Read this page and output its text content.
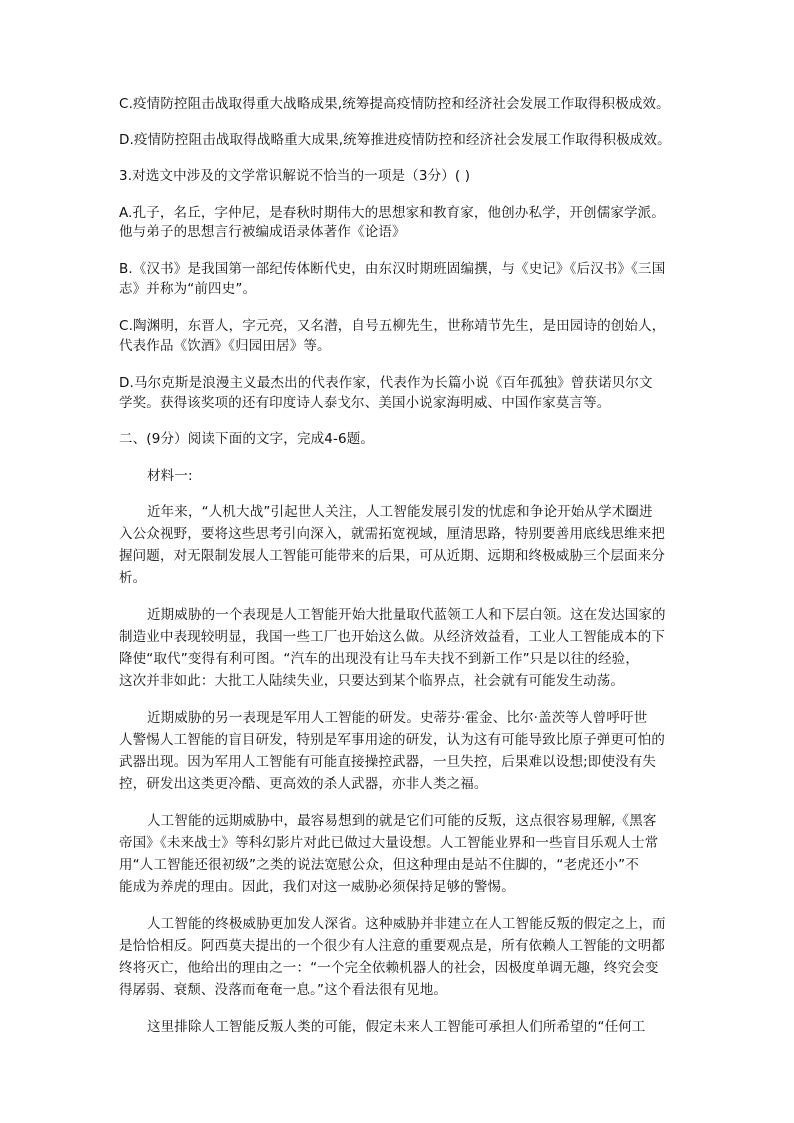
C.疫情防控阻击战取得重大战略成果,统筹提高疫情防控和经济社会发展工作取得积极成效。
D.疫情防控阻击战取得战略重大成果,统筹推进疫情防控和经济社会发展工作取得积极成效。
3.对选文中涉及的文学常识解说不恰当的一项是（3分）( )
A.孔子，名丘，字仲尼，是春秋时期伟大的思想家和教育家，他创办私学，开创儒家学派。
他与弟子的思想言行被编成语录体著作《论语》
B.《汉书》是我国第一部纪传体断代史，由东汉时期班固编撰，与《史记》《后汉书》《三国
志》并称为“前四史”。
C.陶渊明，东晋人，字元亮，又名潜，自号五柳先生，世称靖节先生，是田园诗的创始人，
代表作品《饮酒》《归园田居》等。
D.马尔克斯是浪漫主义最杰出的代表作家，代表作为长篇小说《百年孤独》曾获诺贝尔文
学奖。获得该奖项的还有印度诗人泰戈尔、美国小说家海明威、中国作家莫言等。
二、(9分）阅读下面的文字，完成4-6题。
材料一:
近年来，“人机大战”引起世人关注，人工智能发展引发的忧虑和争论开始从学术圈进
入公众视野，要将这些思考引向深入，就需拓宽视域，厘清思路，特别要善用底线思维来把
握问题，对无限制发展人工智能可能带来的后果，可从近期、远期和终极威胁三个层面来分
析。
近期威胁的一个表现是人工智能开始大批量取代蓝领工人和下层白领。这在发达国家的
制造业中表现较明显，我国一些工厂也开始这么做。从经济效益看，工业人工智能成本的下
降使“取代”变得有利可图。“汽车的出现没有让马车夫找不到新工作”只是以往的经验，
这次并非如此：大批工人陆续失业，只要达到某个临界点，社会就有可能发生动荡。
近期威胁的另一表现是军用人工智能的研发。史蒂芬·霍金、比尔·盖茨等人曾呼吁世
人警惕人工智能的盲目研发，特别是军事用途的研发，认为这有可能导致比原子弹更可怕的
武器出现。因为军用人工智能有可能直接操控武器，一旦失控，后果难以设想;即使没有失
控，研发出这类更冷酷、更高效的杀人武器，亦非人类之福。
人工智能的远期威胁中，最容易想到的就是它们可能的反叛，这点很容易理解,《黑客
帝国》《未来战士》等科幻影片对此已做过大量设想。人工智能业界和一些盲目乐观人士常
用“人工智能还很初级”之类的说法宽慰公众，但这种理由是站不住脚的，“老虎还小”不
能成为养虎的理由。因此，我们对这一威胁必须保持足够的警惕。
人工智能的终极威胁更加发人深省。这种威胁并非建立在人工智能反叛的假定之上，而
是恰恰相反。阿西莫夫提出的一个很少有人注意的重要观点是，所有依赖人工智能的文明都
终将灭亡，他给出的理由之一：“一个完全依赖机器人的社会，因极度单调无趣，终究会变
得孱弱、衰颓、没落而奄奄一息。”这个看法很有见地。
这里排除人工智能反叛人类的可能，假定未来人工智能可承担人们所希望的“任何工
